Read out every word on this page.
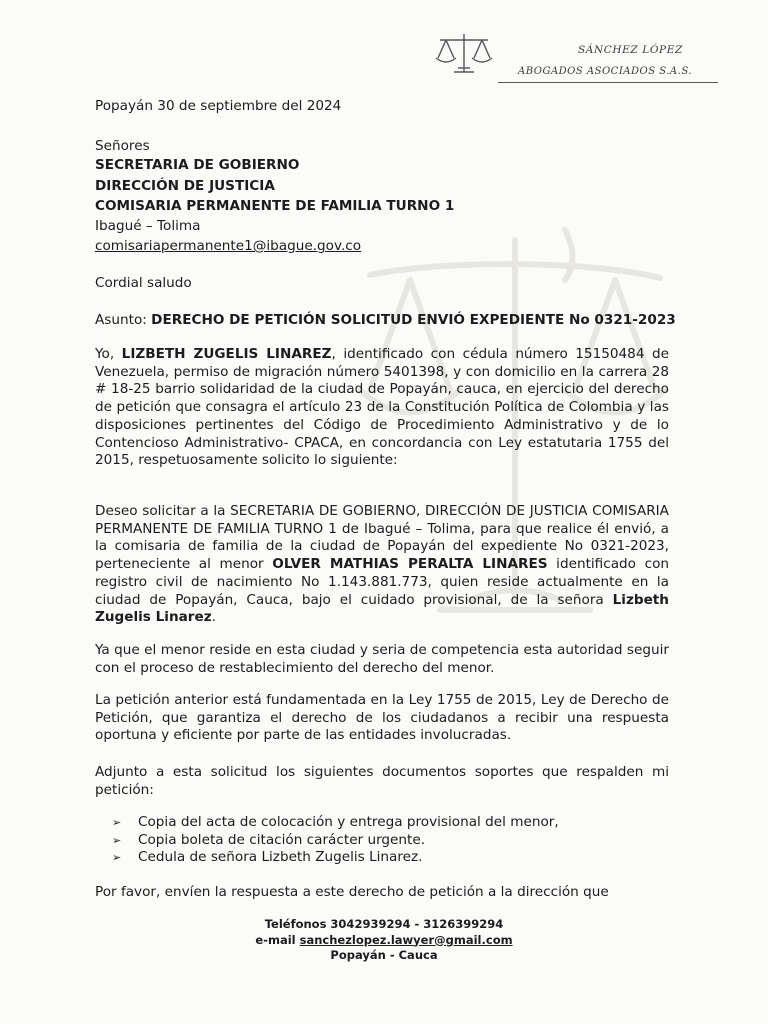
SÁNCHEZ LÓPEZ
ABOGADOS ASOCIADOS S.A.S.
Popayán 30 de septiembre del 2024
Señores
SECRETARIA DE GOBIERNO
DIRECCIÓN DE JUSTICIA
COMISARIA PERMANENTE DE FAMILIA TURNO 1
Ibagué – Tolima
comisariapermanente1@ibague.gov.co
Cordial saludo
Asunto: DERECHO DE PETICIÓN SOLICITUD ENVIÓ EXPEDIENTE No 0321-2023
Yo, LIZBETH ZUGELIS LINAREZ, identificado con cédula número 15150484 de Venezuela, permiso de migración número 5401398, y con domicilio en la carrera 28 # 18-25 barrio solidaridad de la ciudad de Popayán, cauca, en ejercicio del derecho de petición que consagra el artículo 23 de la Constitución Política de Colombia y las disposiciones pertinentes del Código de Procedimiento Administrativo y de lo Contencioso Administrativo- CPACA, en concordancia con Ley estatutaria 1755 del 2015, respetuosamente solicito lo siguiente:
Deseo solicitar a la SECRETARIA DE GOBIERNO, DIRECCIÓN DE JUSTICIA COMISARIA PERMANENTE DE FAMILIA TURNO 1 de Ibagué – Tolima, para que realice él envió, a la comisaria de familia de la ciudad de Popayán del expediente No 0321-2023, perteneciente al menor OLVER MATHIAS PERALTA LINARES identificado con registro civil de nacimiento No 1.143.881.773, quien reside actualmente en la ciudad de Popayán, Cauca, bajo el cuidado provisional, de la señora Lizbeth Zugelis Linarez.
Ya que el menor reside en esta ciudad y seria de competencia esta autoridad seguir con el proceso de restablecimiento del derecho del menor.
La petición anterior está fundamentada en la Ley 1755 de 2015, Ley de Derecho de Petición, que garantiza el derecho de los ciudadanos a recibir una respuesta oportuna y eficiente por parte de las entidades involucradas.
Adjunto a esta solicitud los siguientes documentos soportes que respalden mi petición:
➢	Copia del acta de colocación y entrega provisional del menor,
➢	Copia boleta de citación carácter urgente.
➢	Cedula de señora Lizbeth Zugelis Linarez.
Por favor, envíen la respuesta a este derecho de petición a la dirección que
Teléfonos 3042939294 - 3126399294
e-mail sanchezlopez.lawyer@gmail.com
Popayán - Cauca
